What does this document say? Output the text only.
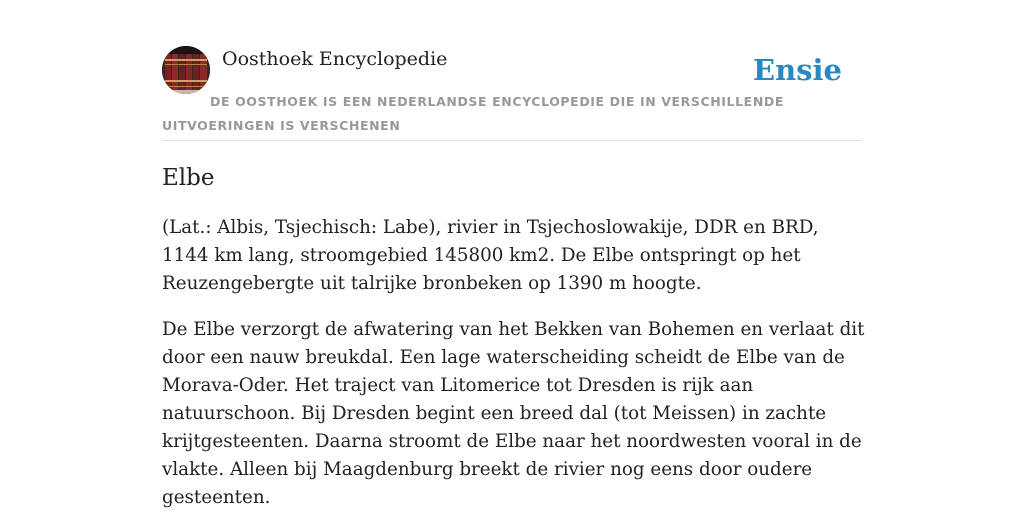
Oosthoek Encyclopedie	Ensie
DE OOSTHOEK IS EEN NEDERLANDSE ENCYCLOPEDIE DIE IN VERSCHILLENDE UITVOERINGEN IS VERSCHENEN
Elbe

(Lat.: Albis, Tsjechisch: Labe), rivier in Tsjechoslowakije, DDR en BRD, 1144 km lang, stroomgebied 145800 km2. De Elbe ontspringt op het Reuzengebergte uit talrijke bronbeken op 1390 m hoogte.

De Elbe verzorgt de afwatering van het Bekken van Bohemen en verlaat dit door een nauw breukdal. Een lage waterscheiding scheidt de Elbe van de Morava-Oder. Het traject van Litomerice tot Dresden is rijk aan natuurschoon. Bij Dresden begint een breed dal (tot Meissen) in zachte krijtgesteenten. Daarna stroomt de Elbe naar het noordwesten vooral in de vlakte. Alleen bij Maagdenburg breekt de rivier nog eens door oudere gesteenten.
